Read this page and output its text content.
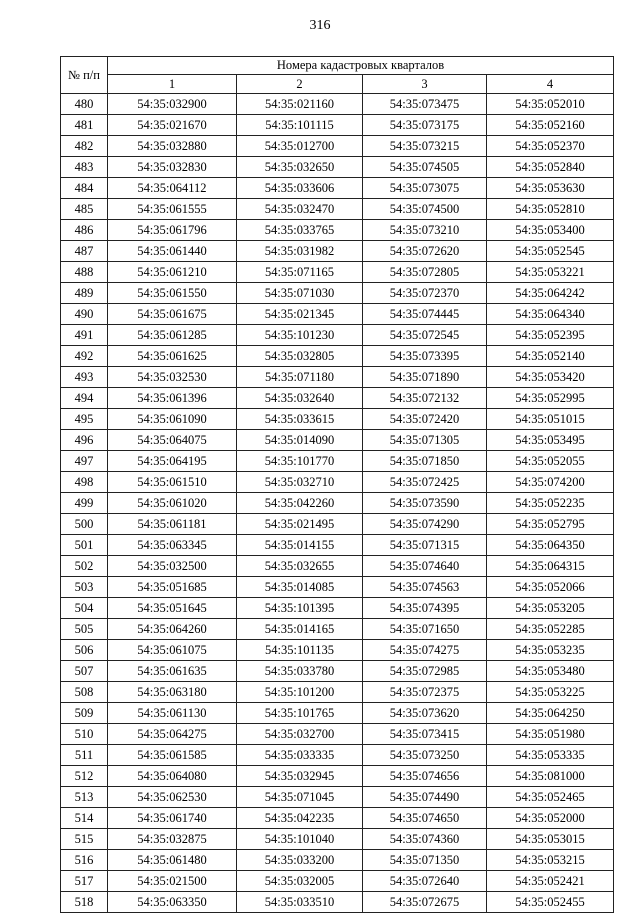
316
№ п/п	Номера кадастровых кварталов			
	1	2	3	4
480	54:35:032900	54:35:021160	54:35:073475	54:35:052010
481	54:35:021670	54:35:101115	54:35:073175	54:35:052160
482	54:35:032880	54:35:012700	54:35:073215	54:35:052370
483	54:35:032830	54:35:032650	54:35:074505	54:35:052840
484	54:35:064112	54:35:033606	54:35:073075	54:35:053630
485	54:35:061555	54:35:032470	54:35:074500	54:35:052810
486	54:35:061796	54:35:033765	54:35:073210	54:35:053400
487	54:35:061440	54:35:031982	54:35:072620	54:35:052545
488	54:35:061210	54:35:071165	54:35:072805	54:35:053221
489	54:35:061550	54:35:071030	54:35:072370	54:35:064242
490	54:35:061675	54:35:021345	54:35:074445	54:35:064340
491	54:35:061285	54:35:101230	54:35:072545	54:35:052395
492	54:35:061625	54:35:032805	54:35:073395	54:35:052140
493	54:35:032530	54:35:071180	54:35:071890	54:35:053420
494	54:35:061396	54:35:032640	54:35:072132	54:35:052995
495	54:35:061090	54:35:033615	54:35:072420	54:35:051015
496	54:35:064075	54:35:014090	54:35:071305	54:35:053495
497	54:35:064195	54:35:101770	54:35:071850	54:35:052055
498	54:35:061510	54:35:032710	54:35:072425	54:35:074200
499	54:35:061020	54:35:042260	54:35:073590	54:35:052235
500	54:35:061181	54:35:021495	54:35:074290	54:35:052795
501	54:35:063345	54:35:014155	54:35:071315	54:35:064350
502	54:35:032500	54:35:032655	54:35:074640	54:35:064315
503	54:35:051685	54:35:014085	54:35:074563	54:35:052066
504	54:35:051645	54:35:101395	54:35:074395	54:35:053205
505	54:35:064260	54:35:014165	54:35:071650	54:35:052285
506	54:35:061075	54:35:101135	54:35:074275	54:35:053235
507	54:35:061635	54:35:033780	54:35:072985	54:35:053480
508	54:35:063180	54:35:101200	54:35:072375	54:35:053225
509	54:35:061130	54:35:101765	54:35:073620	54:35:064250
510	54:35:064275	54:35:032700	54:35:073415	54:35:051980
511	54:35:061585	54:35:033335	54:35:073250	54:35:053335
512	54:35:064080	54:35:032945	54:35:074656	54:35:081000
513	54:35:062530	54:35:071045	54:35:074490	54:35:052465
514	54:35:061740	54:35:042235	54:35:074650	54:35:052000
515	54:35:032875	54:35:101040	54:35:074360	54:35:053015
516	54:35:061480	54:35:033200	54:35:071350	54:35:053215
517	54:35:021500	54:35:032005	54:35:072640	54:35:052421
518	54:35:063350	54:35:033510	54:35:072675	54:35:052455
